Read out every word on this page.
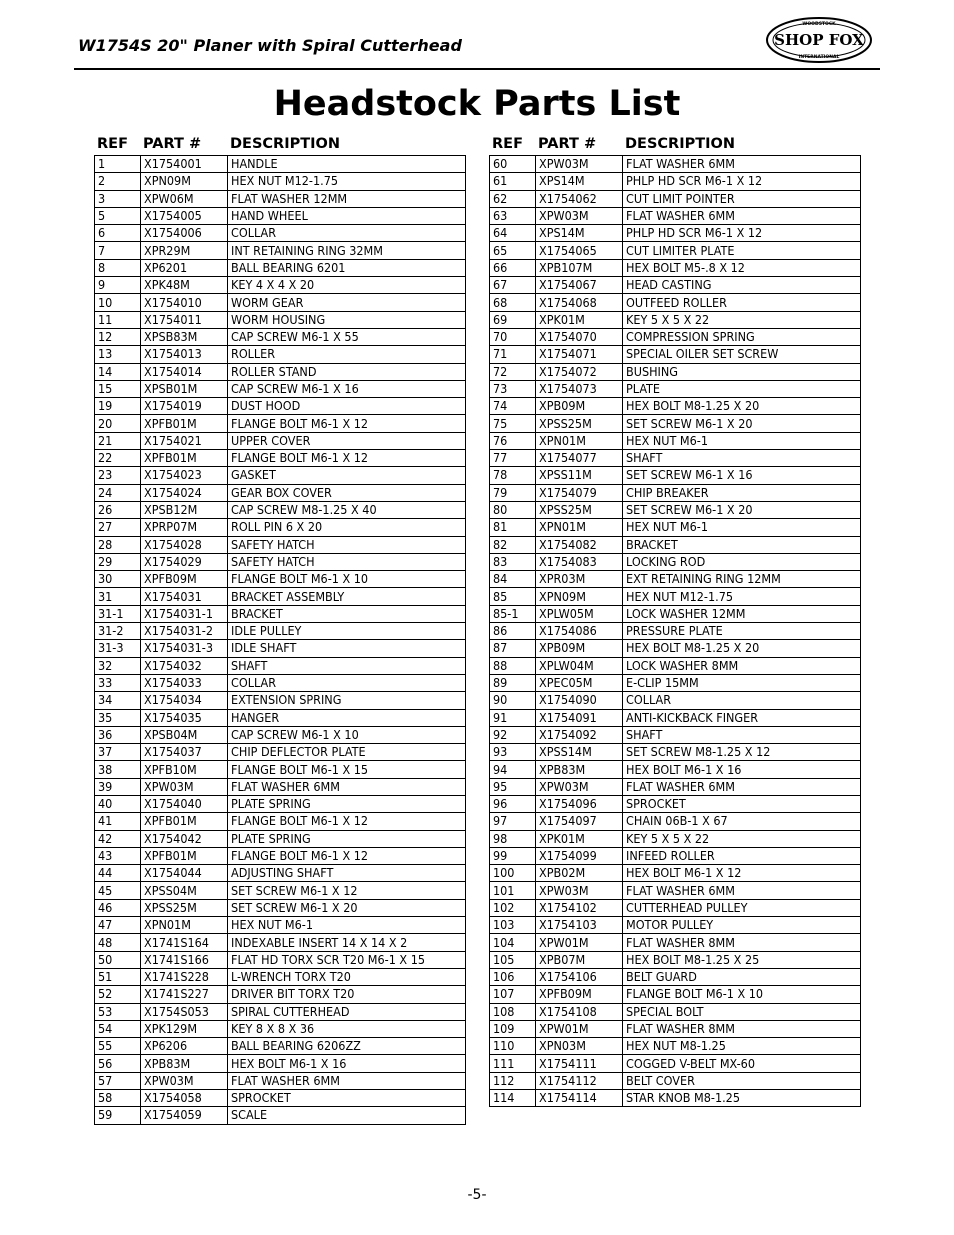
W1754S 20" Planer with Spiral Cutterhead
WOODSTOCK
SHOP FOX
INTERNATIONAL
Headstock Parts List
REF	PART #	DESCRIPTION
1	X1754001	HANDLE
2	XPN09M	HEX NUT M12-1.75
3	XPW06M	FLAT WASHER 12MM
5	X1754005	HAND WHEEL
6	X1754006	COLLAR
7	XPR29M	INT RETAINING RING 32MM
8	XP6201	BALL BEARING 6201
9	XPK48M	KEY 4 X 4 X 20
10	X1754010	WORM GEAR
11	X1754011	WORM HOUSING
12	XPSB83M	CAP SCREW M6-1 X 55
13	X1754013	ROLLER
14	X1754014	ROLLER STAND
15	XPSB01M	CAP SCREW M6-1 X 16
19	X1754019	DUST HOOD
20	XPFB01M	FLANGE BOLT M6-1 X 12
21	X1754021	UPPER COVER
22	XPFB01M	FLANGE BOLT M6-1 X 12
23	X1754023	GASKET
24	X1754024	GEAR BOX COVER
26	XPSB12M	CAP SCREW M8-1.25 X 40
27	XPRP07M	ROLL PIN 6 X 20
28	X1754028	SAFETY HATCH
29	X1754029	SAFETY HATCH
30	XPFB09M	FLANGE BOLT M6-1 X 10
31	X1754031	BRACKET ASSEMBLY
31-1	X1754031-1	BRACKET
31-2	X1754031-2	IDLE PULLEY
31-3	X1754031-3	IDLE SHAFT
32	X1754032	SHAFT
33	X1754033	COLLAR
34	X1754034	EXTENSION SPRING
35	X1754035	HANGER
36	XPSB04M	CAP SCREW M6-1 X 10
37	X1754037	CHIP DEFLECTOR PLATE
38	XPFB10M	FLANGE BOLT M6-1 X 15
39	XPW03M	FLAT WASHER 6MM
40	X1754040	PLATE SPRING
41	XPFB01M	FLANGE BOLT M6-1 X 12
42	X1754042	PLATE SPRING
43	XPFB01M	FLANGE BOLT M6-1 X 12
44	X1754044	ADJUSTING SHAFT
45	XPSS04M	SET SCREW M6-1 X 12
46	XPSS25M	SET SCREW M6-1 X 20
47	XPN01M	HEX NUT M6-1
48	X1741S164	INDEXABLE INSERT 14 X 14 X 2
50	X1741S166	FLAT HD TORX SCR T20 M6-1 X 15
51	X1741S228	L-WRENCH TORX T20
52	X1741S227	DRIVER BIT TORX T20
53	X1754S053	SPIRAL CUTTERHEAD
54	XPK129M	KEY 8 X 8 X 36
55	XP6206	BALL BEARING 6206ZZ
56	XPB83M	HEX BOLT M6-1 X 16
57	XPW03M	FLAT WASHER 6MM
58	X1754058	SPROCKET
59	X1754059	SCALE
REF	PART #	DESCRIPTION
60	XPW03M	FLAT WASHER 6MM
61	XPS14M	PHLP HD SCR M6-1 X 12
62	X1754062	CUT LIMIT POINTER
63	XPW03M	FLAT WASHER 6MM
64	XPS14M	PHLP HD SCR M6-1 X 12
65	X1754065	CUT LIMITER PLATE
66	XPB107M	HEX BOLT M5-.8 X 12
67	X1754067	HEAD CASTING
68	X1754068	OUTFEED ROLLER
69	XPK01M	KEY 5 X 5 X 22
70	X1754070	COMPRESSION SPRING
71	X1754071	SPECIAL OILER SET SCREW
72	X1754072	BUSHING
73	X1754073	PLATE
74	XPB09M	HEX BOLT M8-1.25 X 20
75	XPSS25M	SET SCREW M6-1 X 20
76	XPN01M	HEX NUT M6-1
77	X1754077	SHAFT
78	XPSS11M	SET SCREW M6-1 X 16
79	X1754079	CHIP BREAKER
80	XPSS25M	SET SCREW M6-1 X 20
81	XPN01M	HEX NUT M6-1
82	X1754082	BRACKET
83	X1754083	LOCKING ROD
84	XPR03M	EXT RETAINING RING 12MM
85	XPN09M	HEX NUT M12-1.75
85-1	XPLW05M	LOCK WASHER 12MM
86	X1754086	PRESSURE PLATE
87	XPB09M	HEX BOLT M8-1.25 X 20
88	XPLW04M	LOCK WASHER 8MM
89	XPEC05M	E-CLIP 15MM
90	X1754090	COLLAR
91	X1754091	ANTI-KICKBACK FINGER
92	X1754092	SHAFT
93	XPSS14M	SET SCREW M8-1.25 X 12
94	XPB83M	HEX BOLT M6-1 X 16
95	XPW03M	FLAT WASHER 6MM
96	X1754096	SPROCKET
97	X1754097	CHAIN 06B-1 X 67
98	XPK01M	KEY 5 X 5 X 22
99	X1754099	INFEED ROLLER
100	XPB02M	HEX BOLT M6-1 X 12
101	XPW03M	FLAT WASHER 6MM
102	X1754102	CUTTERHEAD PULLEY
103	X1754103	MOTOR PULLEY
104	XPW01M	FLAT WASHER 8MM
105	XPB07M	HEX BOLT M8-1.25 X 25
106	X1754106	BELT GUARD
107	XPFB09M	FLANGE BOLT M6-1 X 10
108	X1754108	SPECIAL BOLT
109	XPW01M	FLAT WASHER 8MM
110	XPN03M	HEX NUT M8-1.25
111	X1754111	COGGED V-BELT MX-60
112	X1754112	BELT COVER
114	X1754114	STAR KNOB M8-1.25
-5-
